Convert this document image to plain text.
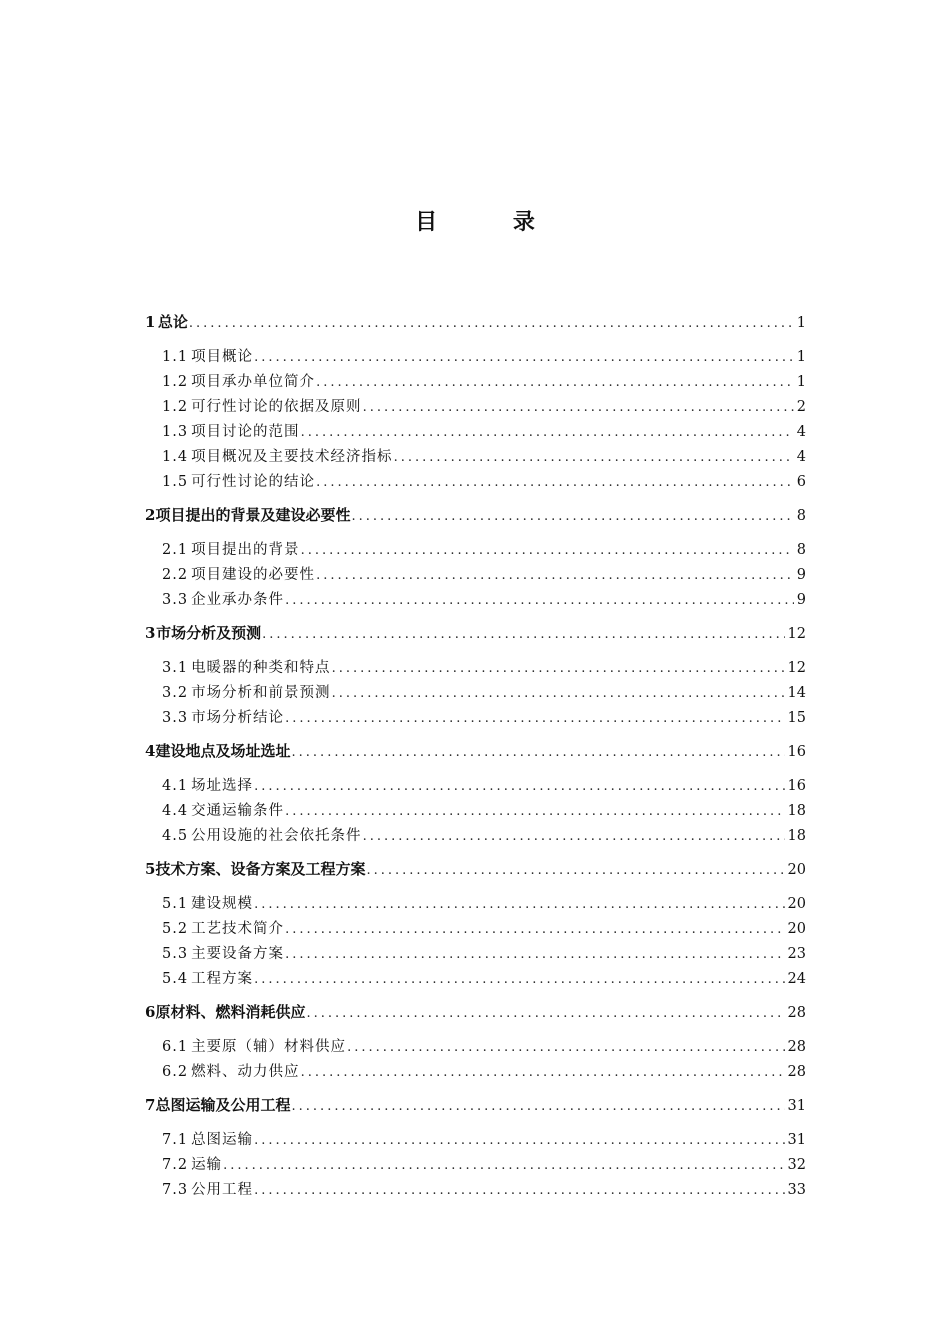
目 录
1 总论 .....	1
1.1 项目概论 .....	1
1.2 项目承办单位简介 .....	1
1.2 可行性讨论的依据及原则 .....	2
1.3 项目讨论的范围 .....	4
1.4 项目概况及主要技术经济指标 .....	4
1.5 可行性讨论的结论 .....	6
2 项目提出的背景及建设必要性 .....	8
2.1 项目提出的背景 .....	8
2.2 项目建设的必要性 .....	9
3.3 企业承办条件 .....	9
3 市场分析及预测 .....	12
3.1 电暖器的种类和特点 .....	12
3.2 市场分析和前景预测 .....	14
3.3 市场分析结论 .....	15
4 建设地点及场址选址 .....	16
4.1 场址选择 .....	16
4.4 交通运输条件 .....	18
4.5 公用设施的社会依托条件 .....	18
5 技术方案、设备方案及工程方案 .....	20
5.1 建设规模 .....	20
5.2 工艺技术简介 .....	20
5.3 主要设备方案 .....	23
5.4 工程方案 .....	24
6 原材料、燃料消耗供应 .....	28
6.1 主要原（辅）材料供应 .....	28
6.2 燃料、动力供应 .....	28
7 总图运输及公用工程 .....	31
7.1 总图运输 .....	31
7.2 运输 .....	32
7.3 公用工程 .....	33
